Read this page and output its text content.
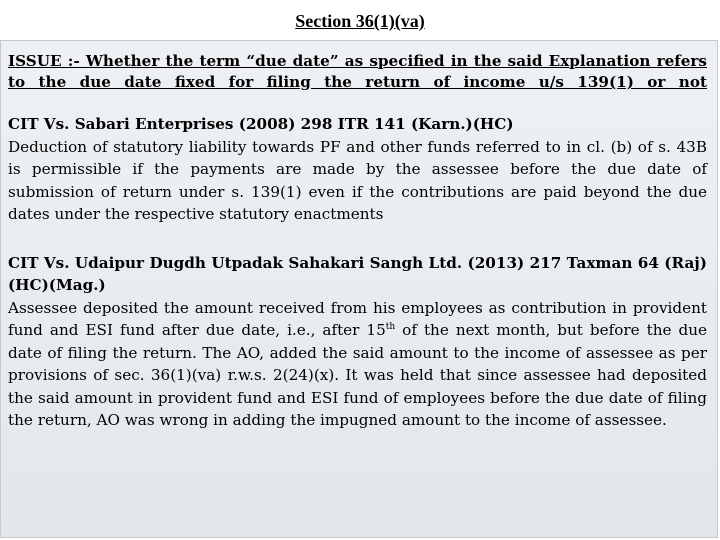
Section 36(1)(va)

ISSUE :- Whether the term “due date” as specified in the said Explanation refers to the due date fixed for filing the return of income u/s 139(1) or not

CIT Vs. Sabari Enterprises (2008) 298 ITR 141 (Karn.)(HC)
Deduction of statutory liability towards PF and other funds referred to in cl. (b) of s. 43B is permissible if the payments are made by the assessee before the due date of submission of return under s. 139(1) even if the contributions are paid beyond the due dates under the respective statutory enactments

CIT Vs. Udaipur Dugdh Utpadak Sahakari Sangh Ltd. (2013) 217 Taxman 64 (Raj)(HC)(Mag.)
Assessee deposited the amount received from his employees as contribution in provident fund and ESI fund after due date, i.e., after 15th of the next month, but before the due date of filing the return. The AO, added the said amount to the income of assessee as per provisions of sec. 36(1)(va) r.w.s. 2(24)(x). It was held that since assessee had deposited the said amount in provident fund and ESI fund of employees before the due date of filing the return, AO was wrong in adding the impugned amount to the income of assessee.
